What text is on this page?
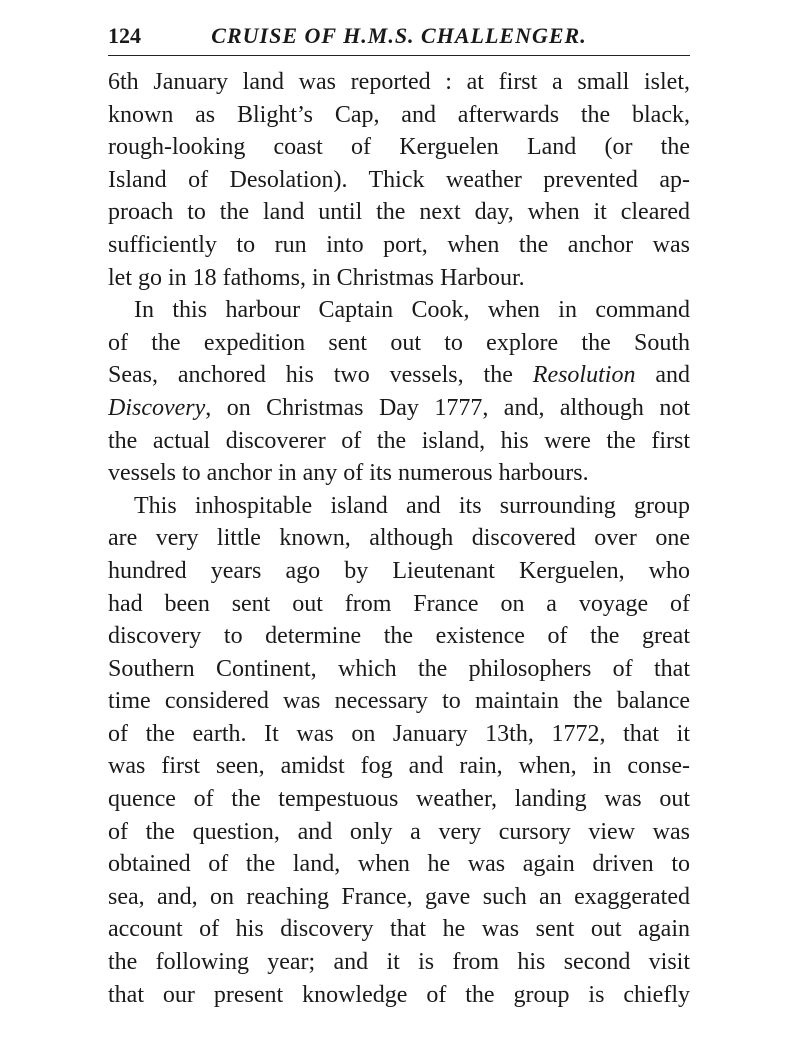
124	CRUISE OF H.M.S. CHALLENGER.
6th January land was reported : at first a small islet,
known as Blight’s Cap, and afterwards the black,
rough-looking coast of Kerguelen Land (or the
Island of Desolation). Thick weather prevented ap-
proach to the land until the next day, when it cleared
sufficiently to run into port, when the anchor was
let go in 18 fathoms, in Christmas Harbour.
In this harbour Captain Cook, when in command
of the expedition sent out to explore the South
Seas, anchored his two vessels, the Resolution and
Discovery, on Christmas Day 1777, and, although not
the actual discoverer of the island, his were the first
vessels to anchor in any of its numerous harbours.
This inhospitable island and its surrounding group
are very little known, although discovered over one
hundred years ago by Lieutenant Kerguelen, who
had been sent out from France on a voyage of
discovery to determine the existence of the great
Southern Continent, which the philosophers of that
time considered was necessary to maintain the balance
of the earth. It was on January 13th, 1772, that it
was first seen, amidst fog and rain, when, in conse-
quence of the tempestuous weather, landing was out
of the question, and only a very cursory view was
obtained of the land, when he was again driven to
sea, and, on reaching France, gave such an exaggerated
account of his discovery that he was sent out again
the following year; and it is from his second visit
that our present knowledge of the group is chiefly
